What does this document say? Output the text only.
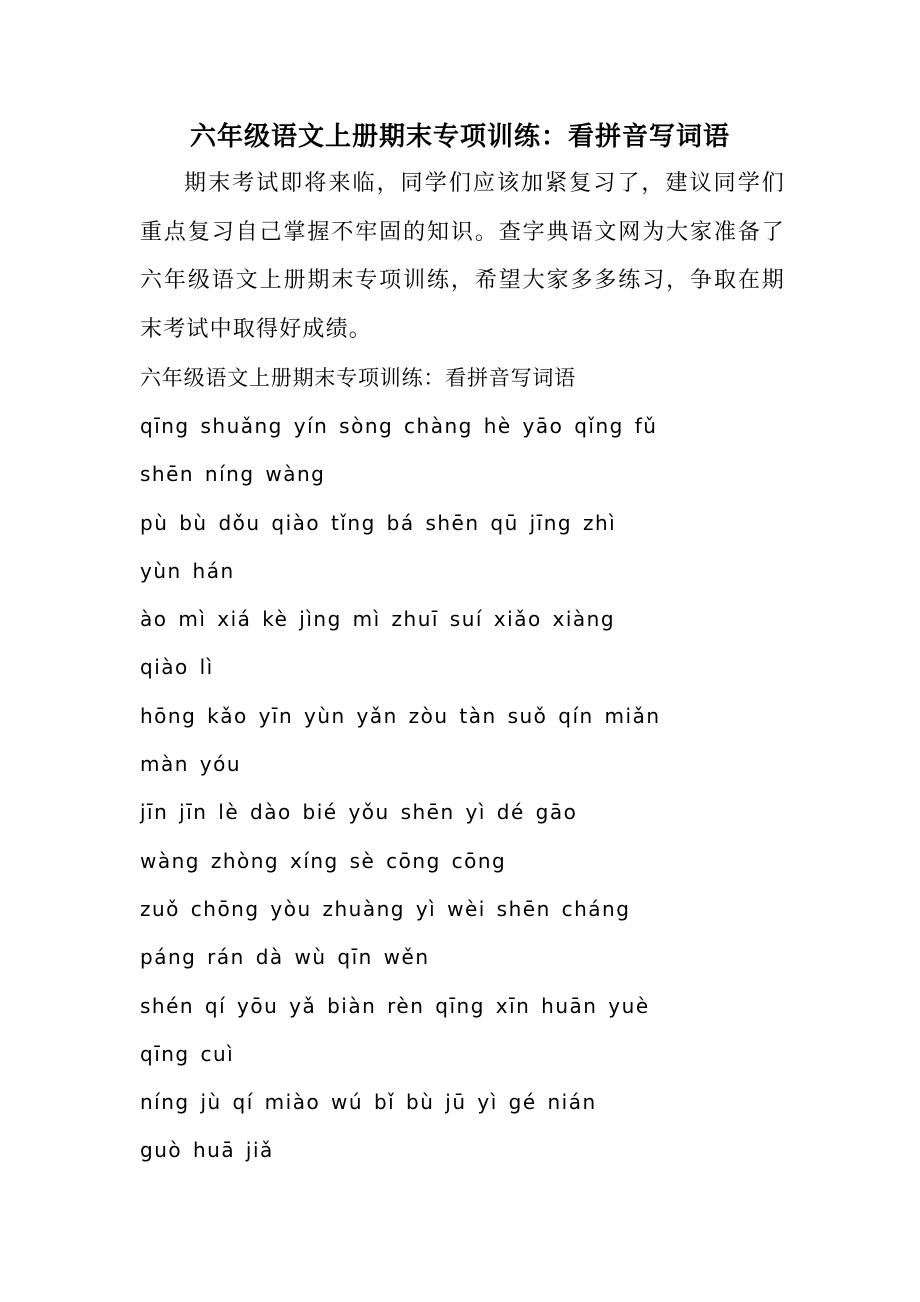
六年级语文上册期末专项训练：看拼音写词语
期末考试即将来临，同学们应该加紧复习了，建议同学们重点复习自己掌握不牢固的知识。查字典语文网为大家准备了六年级语文上册期末专项训练，希望大家多多练习，争取在期末考试中取得好成绩。
六年级语文上册期末专项训练：看拼音写词语
qīng shuǎng yín sòng chàng hè yāo qǐng fǔ
shēn níng wàng
pù bù dǒu qiào tǐng bá shēn qū jīng zhì
yùn hán
ào mì xiá kè jìng mì zhuī suí xiǎo xiàng
qiào lì
hōng kǎo yīn yùn yǎn zòu tàn suǒ qín miǎn
màn yóu
jīn jīn lè dào bié yǒu shēn yì dé gāo
wàng zhòng xíng sè cōng cōng
zuǒ chōng yòu zhuàng yì wèi shēn cháng
páng rán dà wù qīn wěn
shén qí yōu yǎ biàn rèn qīng xīn huān yuè
qīng cuì
níng jù qí miào wú bǐ bù jū yì gé nián
guò huā jiǎ
